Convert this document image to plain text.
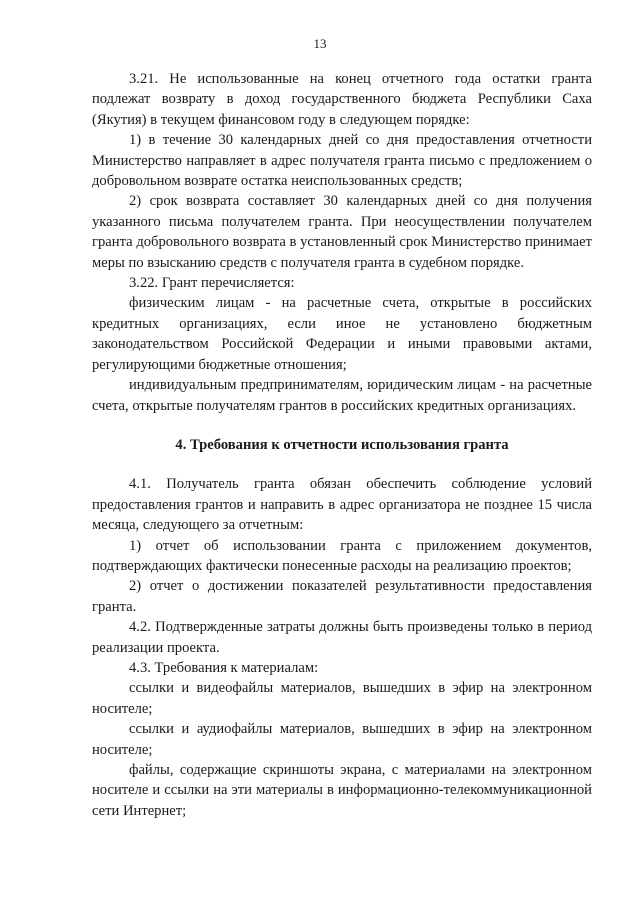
13

3.21. Не использованные на конец отчетного года остатки гранта подлежат возврату в доход государственного бюджета Республики Саха (Якутия) в текущем финансовом году в следующем порядке:

1) в течение 30 календарных дней со дня предоставления отчетности Министерство направляет в адрес получателя гранта письмо с предложением о добровольном возврате остатка неиспользованных средств;

2) срок возврата составляет 30 календарных дней со дня получения указанного письма получателем гранта. При неосуществлении получателем гранта добровольного возврата в установленный срок Министерство принимает меры по взысканию средств с получателя гранта в судебном порядке.

3.22. Грант перечисляется:

физическим лицам - на расчетные счета, открытые в российских кредитных организациях, если иное не установлено бюджетным законодательством Российской Федерации и иными правовыми актами, регулирующими бюджетные отношения;

индивидуальным предпринимателям, юридическим лицам - на расчетные счета, открытые получателям грантов в российских кредитных организациях.

4. Требования к отчетности использования гранта

4.1. Получатель гранта обязан обеспечить соблюдение условий предоставления грантов и направить в адрес организатора не позднее 15 числа месяца, следующего за отчетным:

1) отчет об использовании гранта с приложением документов, подтверждающих фактически понесенные расходы на реализацию проектов;

2) отчет о достижении показателей результативности предоставления гранта.

4.2. Подтвержденные затраты должны быть произведены только в период реализации проекта.

4.3. Требования к материалам:

ссылки и видеофайлы материалов, вышедших в эфир на электронном носителе;

ссылки и аудиофайлы материалов, вышедших в эфир на электронном носителе;

файлы, содержащие скриншоты экрана, с материалами на электронном носителе и ссылки на эти материалы в информационно-телекоммуникационной сети Интернет;
